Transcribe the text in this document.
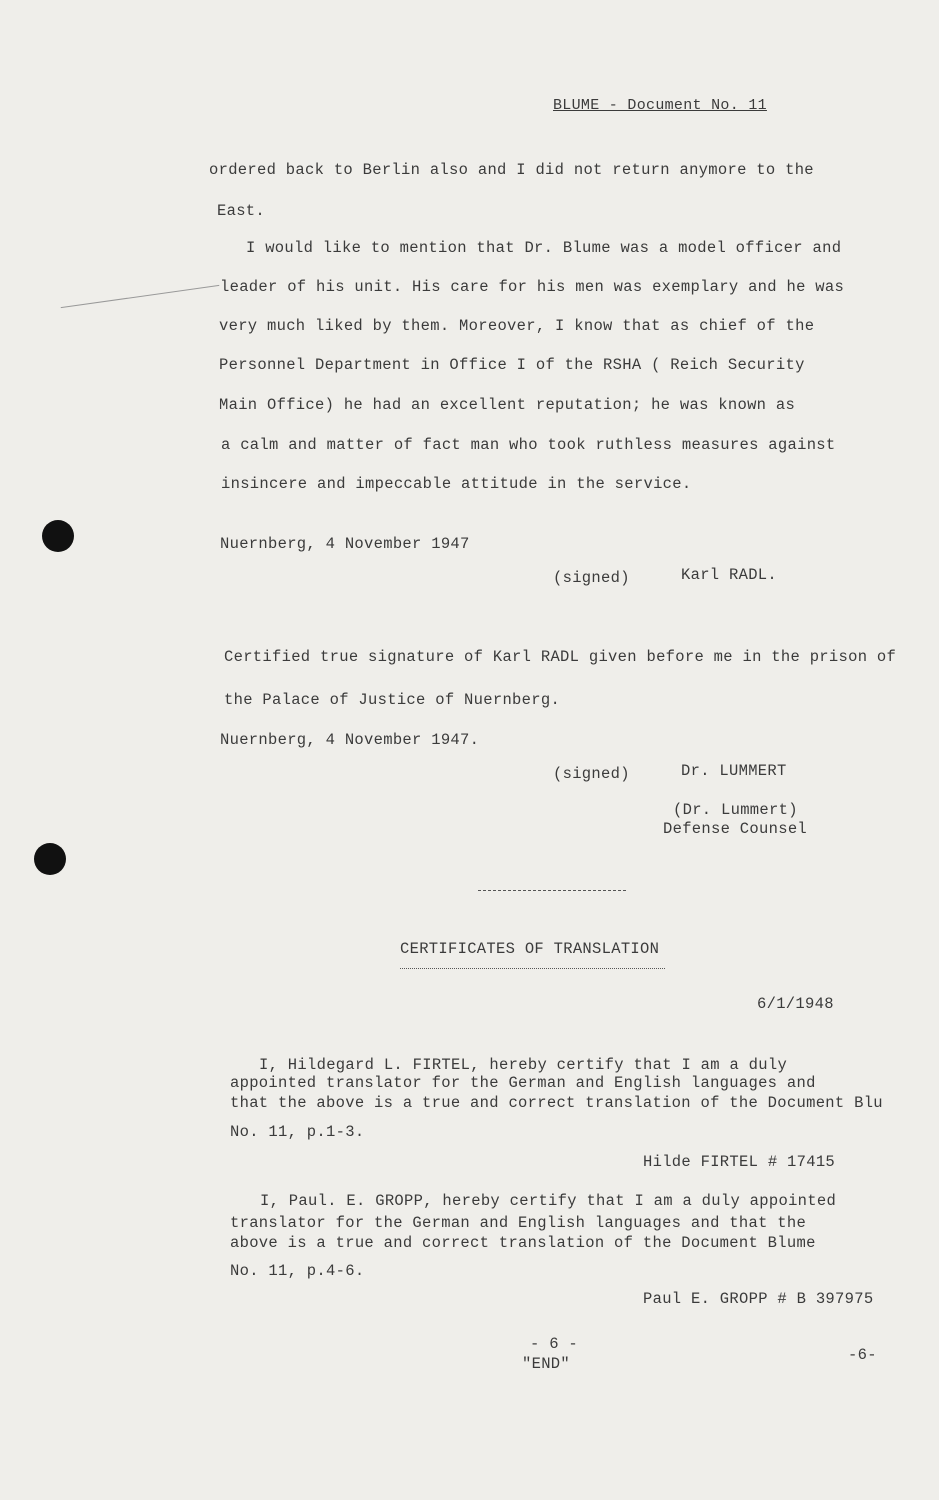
BLUME - Document No. 11
ordered back to Berlin also and I did not return anymore to the
East.
I would like to mention that Dr. Blume was a model officer and
leader of his unit. His care for his men was exemplary and he was
very much liked by them. Moreover, I know that as chief of the
Personnel Department in Office I of the RSHA ( Reich Security
Main Office) he had an excellent reputation; he was known as
a calm and matter of fact man who took ruthless measures against
insincere and impeccable attitude in the service.
Nuernberg, 4 November 1947
(signed)	Karl RADL.
Certified true signature of Karl RADL given before me in the prison of
the Palace of Justice of Nuernberg.
Nuernberg, 4 November 1947.
(signed)	Dr. LUMMERT
(Dr. Lummert)
Defense Counsel
CERTIFICATES OF TRANSLATION
6/1/1948
I, Hildegard L. FIRTEL, hereby certify that I am a duly
appointed translator for the German and English languages and
that the above is a true and correct translation of the Document Blu
No. 11, p.1-3.
Hilde FIRTEL # 17415
I, Paul. E. GROPP, hereby certify that I am a duly appointed
translator for the German and English languages and that the
above is a true and correct translation of the Document Blume
No. 11, p.4-6.
Paul E. GROPP # B 397975
- 6 -
"END"	-6-
